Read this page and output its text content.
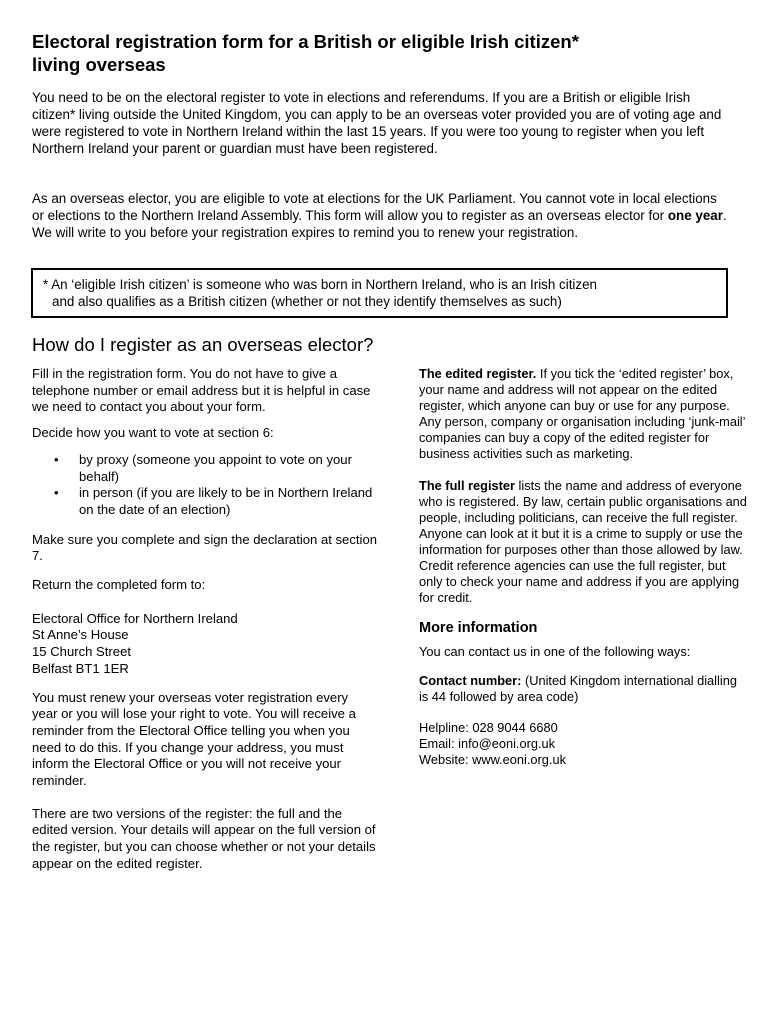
Electoral registration form for a British or eligible Irish citizen*
living overseas

You need to be on the electoral register to vote in elections and referendums. If you are a British or eligible Irish citizen* living outside the United Kingdom, you can apply to be an overseas voter provided you are of voting age and were registered to vote in Northern Ireland within the last 15 years. If you were too young to register when you left Northern Ireland your parent or guardian must have been registered.

As an overseas elector, you are eligible to vote at elections for the UK Parliament. You cannot vote in local elections or elections to the Northern Ireland Assembly. This form will allow you to register as an overseas elector for one year. We will write to you before your registration expires to remind you to renew your registration.

* An ‘eligible Irish citizen’ is someone who was born in Northern Ireland, who is an Irish citizen

and also qualifies as a British citizen (whether or not they identify themselves as such)

How do I register as an overseas elector?

Fill in the registration form. You do not have to give a telephone number or email address but it is helpful in case we need to contact you about your form.

Decide how you want to vote at section 6:

• by proxy (someone you appoint to vote on your behalf)
• in person (if you are likely to be in Northern Ireland on the date of an election)

Make sure you complete and sign the declaration at section 7.

Return the completed form to:

Electoral Office for Northern Ireland

St Anne’s House

15 Church Street

Belfast BT1 1ER

You must renew your overseas voter registration every year or you will lose your right to vote. You will receive a reminder from the Electoral Office telling you when you need to do this. If you change your address, you must inform the Electoral Office or you will not receive your reminder.

There are two versions of the register: the full and the edited version. Your details will appear on the full version of the register, but you can choose whether or not your details appear on the edited register.

The edited register. If you tick the ‘edited register’ box, your name and address will not appear on the edited register, which anyone can buy or use for any purpose. Any person, company or organisation including ‘junk-mail’ companies can buy a copy of the edited register for business activities such as marketing.

The full register lists the name and address of everyone who is registered. By law, certain public organisations and people, including politicians, can receive the full register. Anyone can look at it but it is a crime to supply or use the information for purposes other than those allowed by law. Credit reference agencies can use the full register, but only to check your name and address if you are applying for credit.

More information

You can contact us in one of the following ways:

Contact number: (United Kingdom international dialling is 44 followed by area code)

Helpline: 028 9044 6680

Email: info@eoni.org.uk

Website: www.eoni.org.uk
